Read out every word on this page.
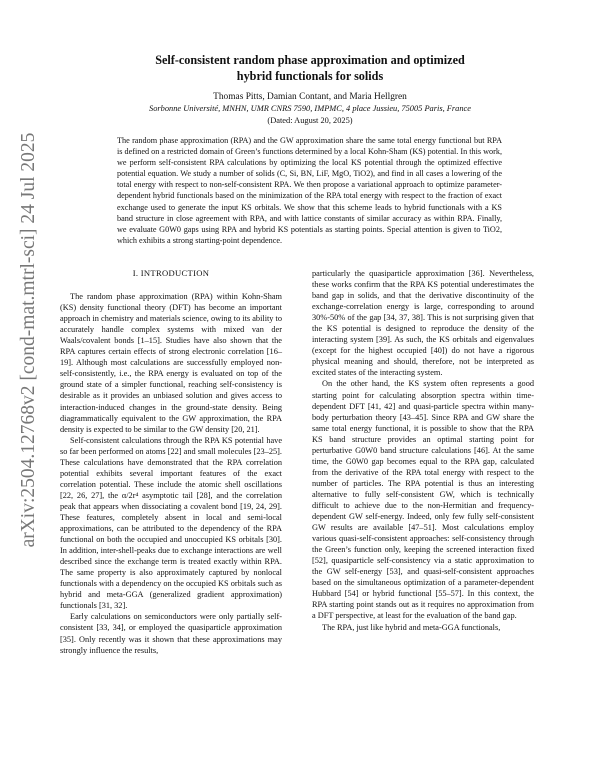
arXiv:2504.12768v2 [cond-mat.mtrl-sci] 24 Jul 2025
Self-consistent random phase approximation and optimized
hybrid functionals for solids
Thomas Pitts, Damian Contant, and Maria Hellgren
Sorbonne Université, MNHN, UMR CNRS 7590, IMPMC, 4 place Jussieu, 75005 Paris, France
(Dated: August 20, 2025)
The random phase approximation (RPA) and the GW approximation share the same total energy functional but RPA is defined on a restricted domain of Green’s functions determined by a local Kohn-Sham (KS) potential. In this work, we perform self-consistent RPA calculations by optimizing the local KS potential through the optimized effective potential equation. We study a number of solids (C, Si, BN, LiF, MgO, TiO2), and find in all cases a lowering of the total energy with respect to non-self-consistent RPA. We then propose a variational approach to optimize parameter-dependent hybrid functionals based on the minimization of the RPA total energy with respect to the fraction of exact exchange used to generate the input KS orbitals. We show that this scheme leads to hybrid functionals with a KS band structure in close agreement with RPA, and with lattice constants of similar accuracy as within RPA. Finally, we evaluate G0W0 gaps using RPA and hybrid KS potentials as starting points. Special attention is given to TiO2, which exhibits a strong starting-point dependence.
I. INTRODUCTION

The random phase approximation (RPA) within Kohn-Sham (KS) density functional theory (DFT) has become an important approach in chemistry and materials science, owing to its ability to accurately handle complex systems with mixed van der Waals/covalent bonds [1–15]. Studies have also shown that the RPA captures certain effects of strong electronic correlation [16–19]. Although most calculations are successfully employed non-self-consistently, i.e., the RPA energy is evaluated on top of the ground state of a simpler functional, reaching self-consistency is desirable as it provides an unbiased solution and gives access to interaction-induced changes in the ground-state density. Being diagrammatically equivalent to the GW approximation, the RPA density is expected to be similar to the GW density [20, 21].

Self-consistent calculations through the RPA KS potential have so far been performed on atoms [22] and small molecules [23–25]. These calculations have demonstrated that the RPA correlation potential exhibits several important features of the exact correlation potential. These include the atomic shell oscillations [22, 26, 27], the α/2r⁴ asymptotic tail [28], and the correlation peak that appears when dissociating a covalent bond [19, 24, 29]. These features, completely absent in local and semi-local approximations, can be attributed to the dependency of the RPA functional on both the occupied and unoccupied KS orbitals [30]. In addition, inter-shell-peaks due to exchange interactions are well described since the exchange term is treated exactly within RPA. The same property is also approximately captured by nonlocal functionals with a dependency on the occupied KS orbitals such as hybrid and meta-GGA (generalized gradient approximation) functionals [31, 32].

Early calculations on semiconductors were only partially self-consistent [33, 34], or employed the quasiparticle approximation [35]. Only recently was it shown that these approximations may strongly influence the results,

particularly the quasiparticle approximation [36]. Nevertheless, these works confirm that the RPA KS potential underestimates the band gap in solids, and that the derivative discontinuity of the exchange-correlation energy is large, corresponding to around 30%-50% of the gap [34, 37, 38]. This is not surprising given that the KS potential is designed to reproduce the density of the interacting system [39]. As such, the KS orbitals and eigenvalues (except for the highest occupied [40]) do not have a rigorous physical meaning and should, therefore, not be interpreted as excited states of the interacting system.

On the other hand, the KS system often represents a good starting point for calculating absorption spectra within time-dependent DFT [41, 42] and quasi-particle spectra within many-body perturbation theory [43–45]. Since RPA and GW share the same total energy functional, it is possible to show that the RPA KS band structure provides an optimal starting point for perturbative G0W0 band structure calculations [46]. At the same time, the G0W0 gap becomes equal to the RPA gap, calculated from the derivative of the RPA total energy with respect to the number of particles. The RPA potential is thus an interesting alternative to fully self-consistent GW, which is technically difficult to achieve due to the non-Hermitian and frequency-dependent GW self-energy. Indeed, only few fully self-consistent GW results are available [47–51]. Most calculations employ various quasi-self-consistent approaches: self-consistency through the Green’s function only, keeping the screened interaction fixed [52], quasiparticle self-consistency via a static approximation to the GW self-energy [53], and quasi-self-consistent approaches based on the simultaneous optimization of a parameter-dependent Hubbard [54] or hybrid functional [55–57]. In this context, the RPA starting point stands out as it requires no approximation from a DFT perspective, at least for the evaluation of the band gap.

The RPA, just like hybrid and meta-GGA functionals,
